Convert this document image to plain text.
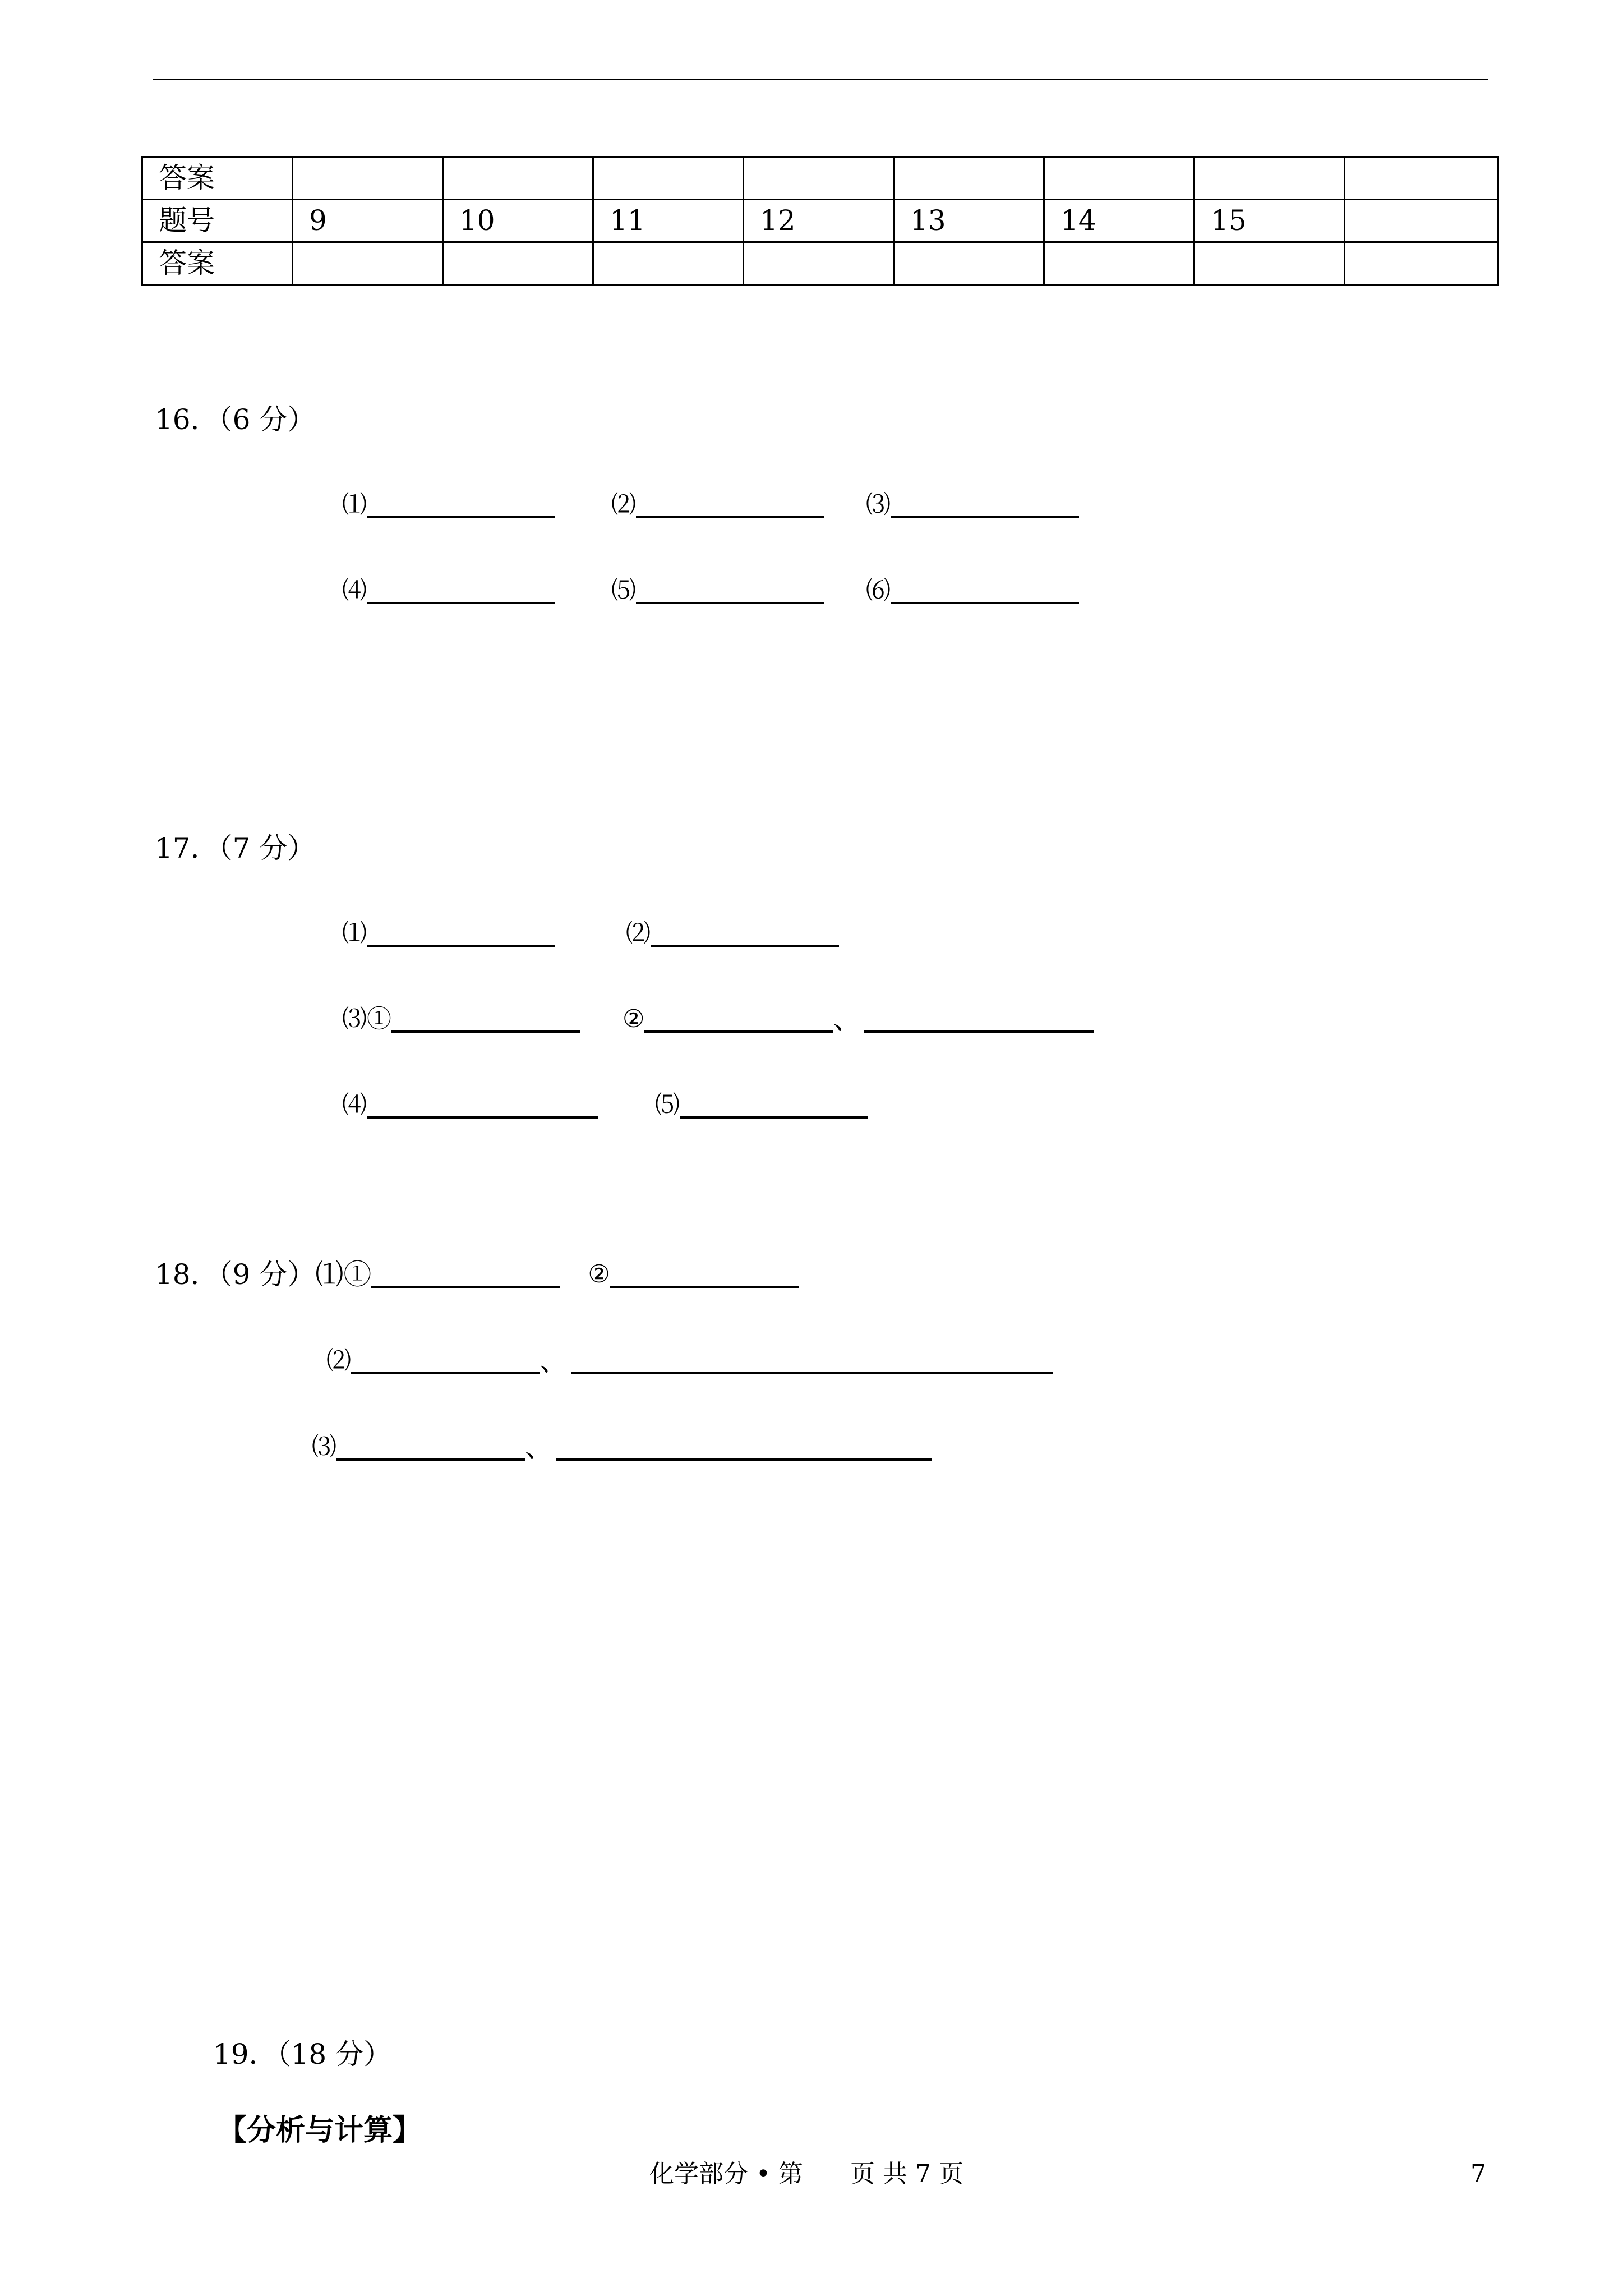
答案								
题号	9	10	11	12	13	14	15	
答案								
16．（6 分）
⑴	⑵	⑶
⑷	⑸	⑹
17．（7 分）
⑴	⑵
⑶①	②	、
⑷	⑸
18．（9 分）⑴①	②
⑵	、
⑶	、
19．（18 分）
【分析与计算】
化学部分 • 第 页 共 7 页	7
